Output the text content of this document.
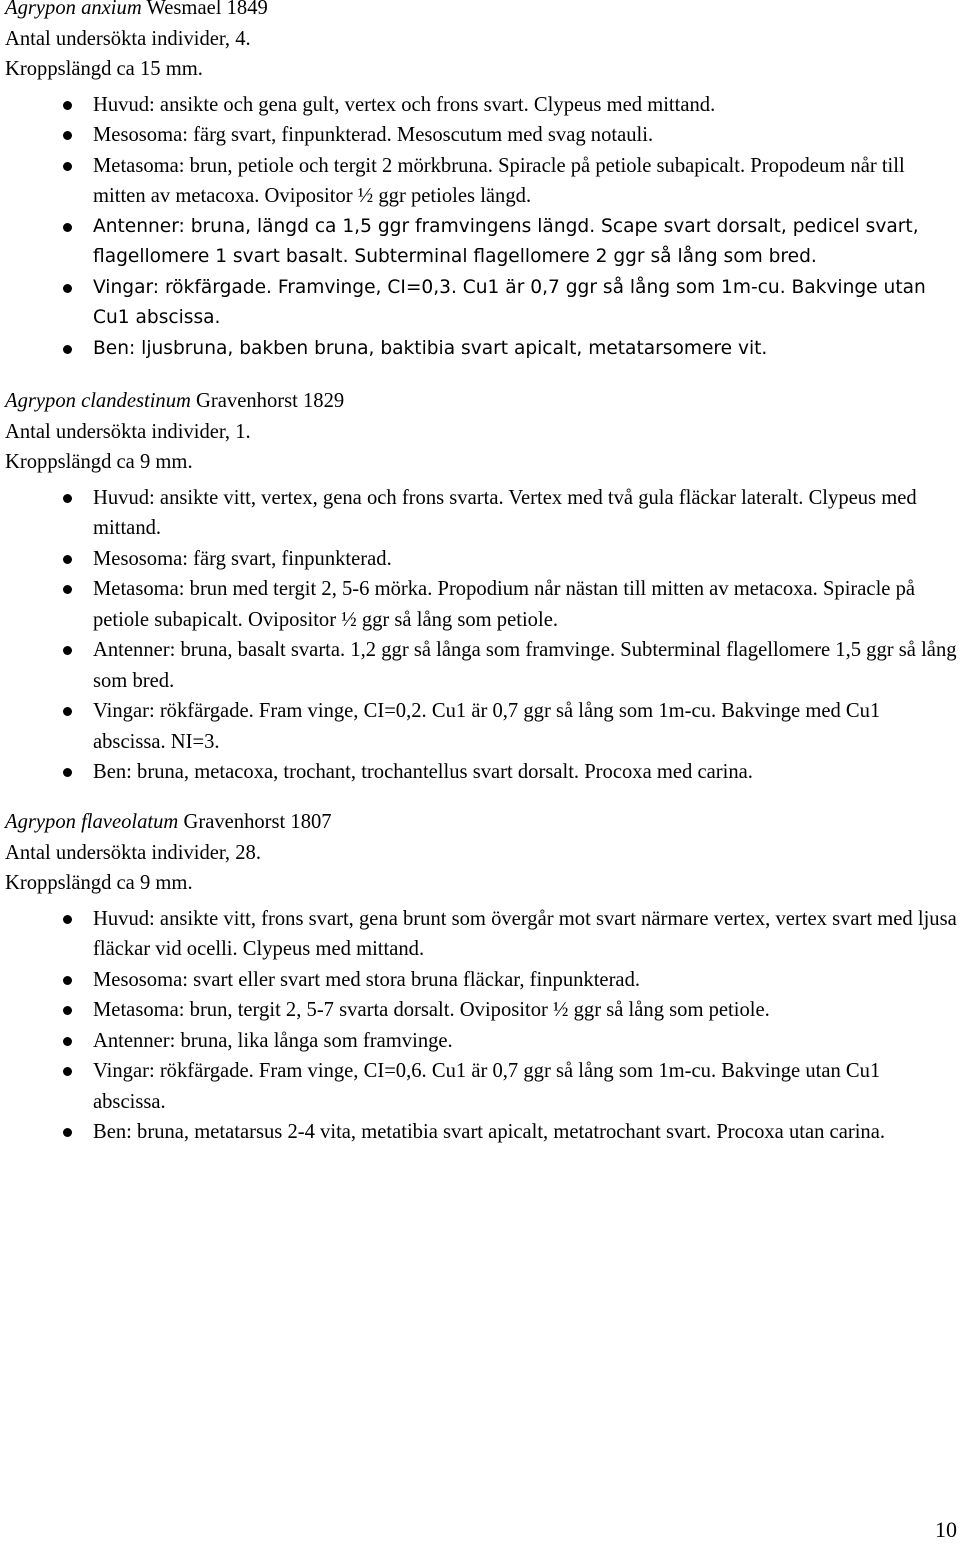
Agrypon anxium Wesmael 1849
Antal undersökta individer, 4.
Kroppslängd ca 15 mm.
Huvud: ansikte och gena gult, vertex och frons svart. Clypeus med mittand.
Mesosoma: färg svart, finpunkterad. Mesoscutum med svag notauli.
Metasoma: brun, petiole och tergit 2 mörkbruna. Spiracle på petiole subapicalt. Propodeum når till mitten av metacoxa. Ovipositor ½ ggr petioles längd.
Antenner: bruna, längd ca 1,5 ggr framvingens längd. Scape svart dorsalt, pedicel svart, flagellomere 1 svart basalt. Subterminal flagellomere 2 ggr så lång som bred.
Vingar: rökfärgade. Framvinge, CI=0,3. Cu1 är 0,7 ggr så lång som 1m-cu. Bakvinge utan Cu1 abscissa.
Ben: ljusbruna, bakben bruna, baktibia svart apicalt, metatarsomere vit.
Agrypon clandestinum Gravenhorst 1829
Antal undersökta individer, 1.
Kroppslängd ca 9 mm.
Huvud: ansikte vitt, vertex, gena och frons svarta. Vertex med två gula fläckar lateralt. Clypeus med mittand.
Mesosoma: färg svart, finpunkterad.
Metasoma: brun med tergit 2, 5-6 mörka. Propodium når nästan till mitten av metacoxa. Spiracle på petiole subapicalt. Ovipositor ½ ggr så lång som petiole.
Antenner: bruna, basalt svarta. 1,2 ggr så långa som framvinge. Subterminal flagellomere 1,5 ggr så lång som bred.
Vingar: rökfärgade. Fram vinge, CI=0,2. Cu1 är 0,7 ggr så lång som 1m-cu. Bakvinge med Cu1 abscissa. NI=3.
Ben: bruna, metacoxa, trochant, trochantellus svart dorsalt. Procoxa med carina.
Agrypon flaveolatum Gravenhorst 1807
Antal undersökta individer, 28.
Kroppslängd ca 9 mm.
Huvud: ansikte vitt, frons svart, gena brunt som övergår mot svart närmare vertex, vertex svart med ljusa fläckar vid ocelli. Clypeus med mittand.
Mesosoma: svart eller svart med stora bruna fläckar, finpunkterad.
Metasoma: brun, tergit 2, 5-7 svarta dorsalt. Ovipositor ½ ggr så lång som petiole.
Antenner: bruna, lika långa som framvinge.
Vingar: rökfärgade. Fram vinge, CI=0,6. Cu1 är 0,7 ggr så lång som 1m-cu. Bakvinge utan Cu1 abscissa.
Ben: bruna, metatarsus 2-4 vita, metatibia svart apicalt, metatrochant svart. Procoxa utan carina.
10
